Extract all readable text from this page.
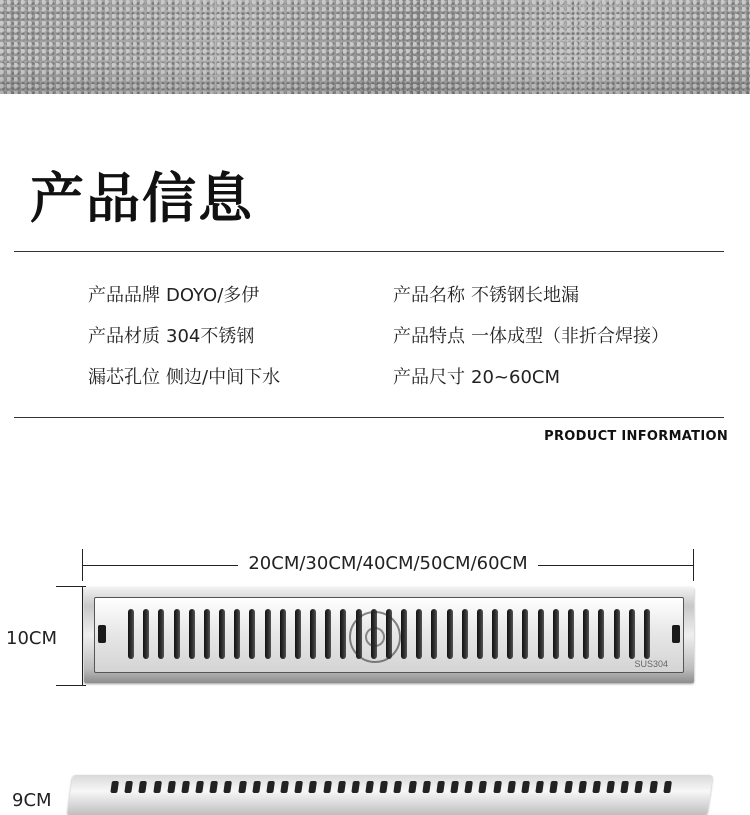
产品信息
产品品牌 DOYO/多伊
产品材质 304不锈钢
漏芯孔位 侧边/中间下水
产品名称 不锈钢长地漏
产品特点 一体成型（非折合焊接）
产品尺寸 20~60CM
PRODUCT INFORMATION
20CM/30CM/40CM/50CM/60CM
10CM
SUS304
9CM
